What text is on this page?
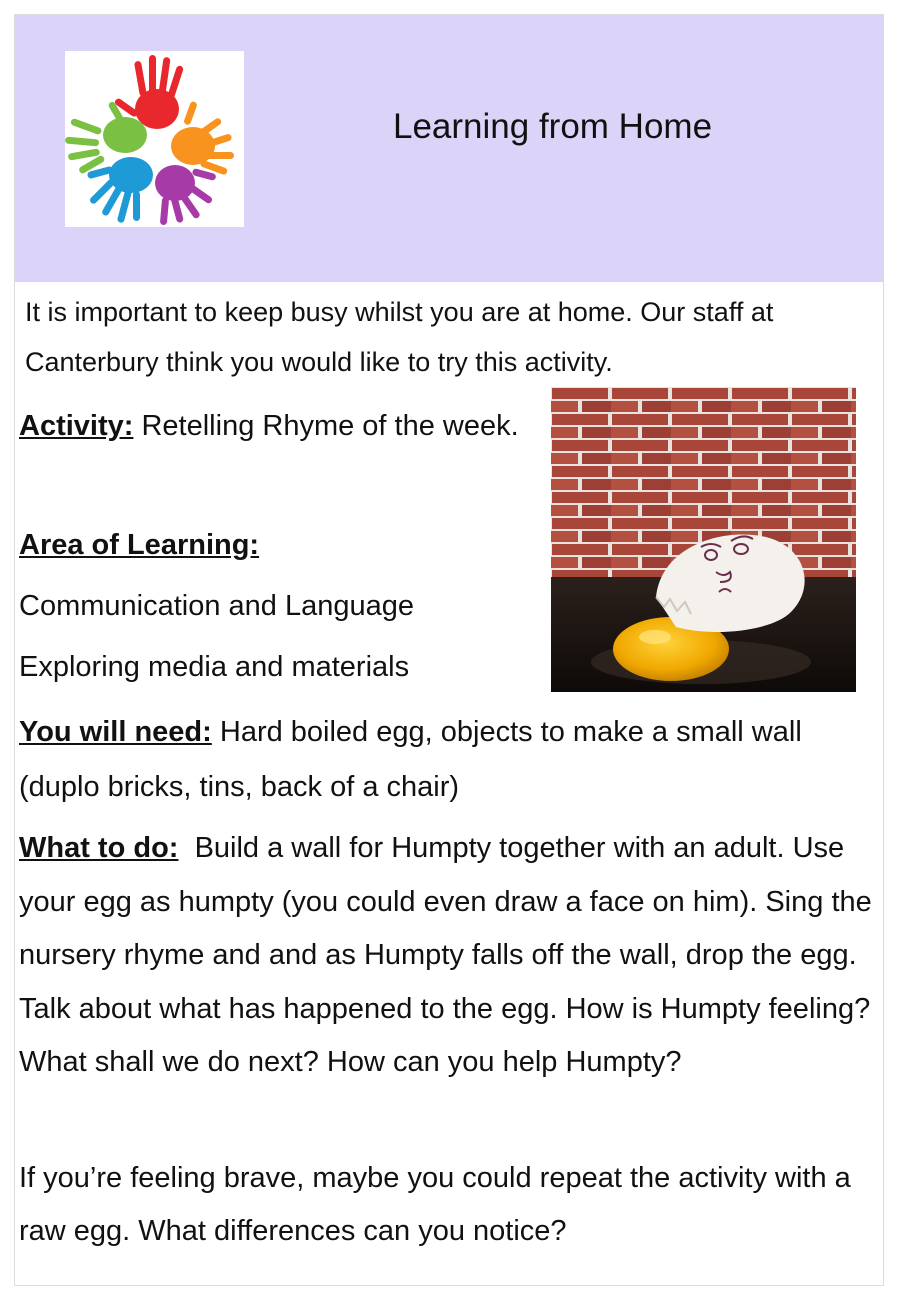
Learning from Home

It is important to keep busy whilst you are at home. Our staff at Canterbury think you would like to try this activity.

Activity: Retelling Rhyme of the week.

Area of Learning:

Communication and Language

Exploring media and materials

You will need: Hard boiled egg, objects to make a small wall (duplo bricks, tins, back of a chair)

What to do:  Build a wall for Humpty together with an adult. Use your egg as humpty (you could even draw a face on him). Sing the nursery rhyme and and as Humpty falls off the wall, drop the egg. Talk about what has happened to the egg. How is Humpty feeling? What shall we do next? How can you help Humpty?

If you’re feeling brave, maybe you could repeat the activity with a raw egg. What differences can you notice?
